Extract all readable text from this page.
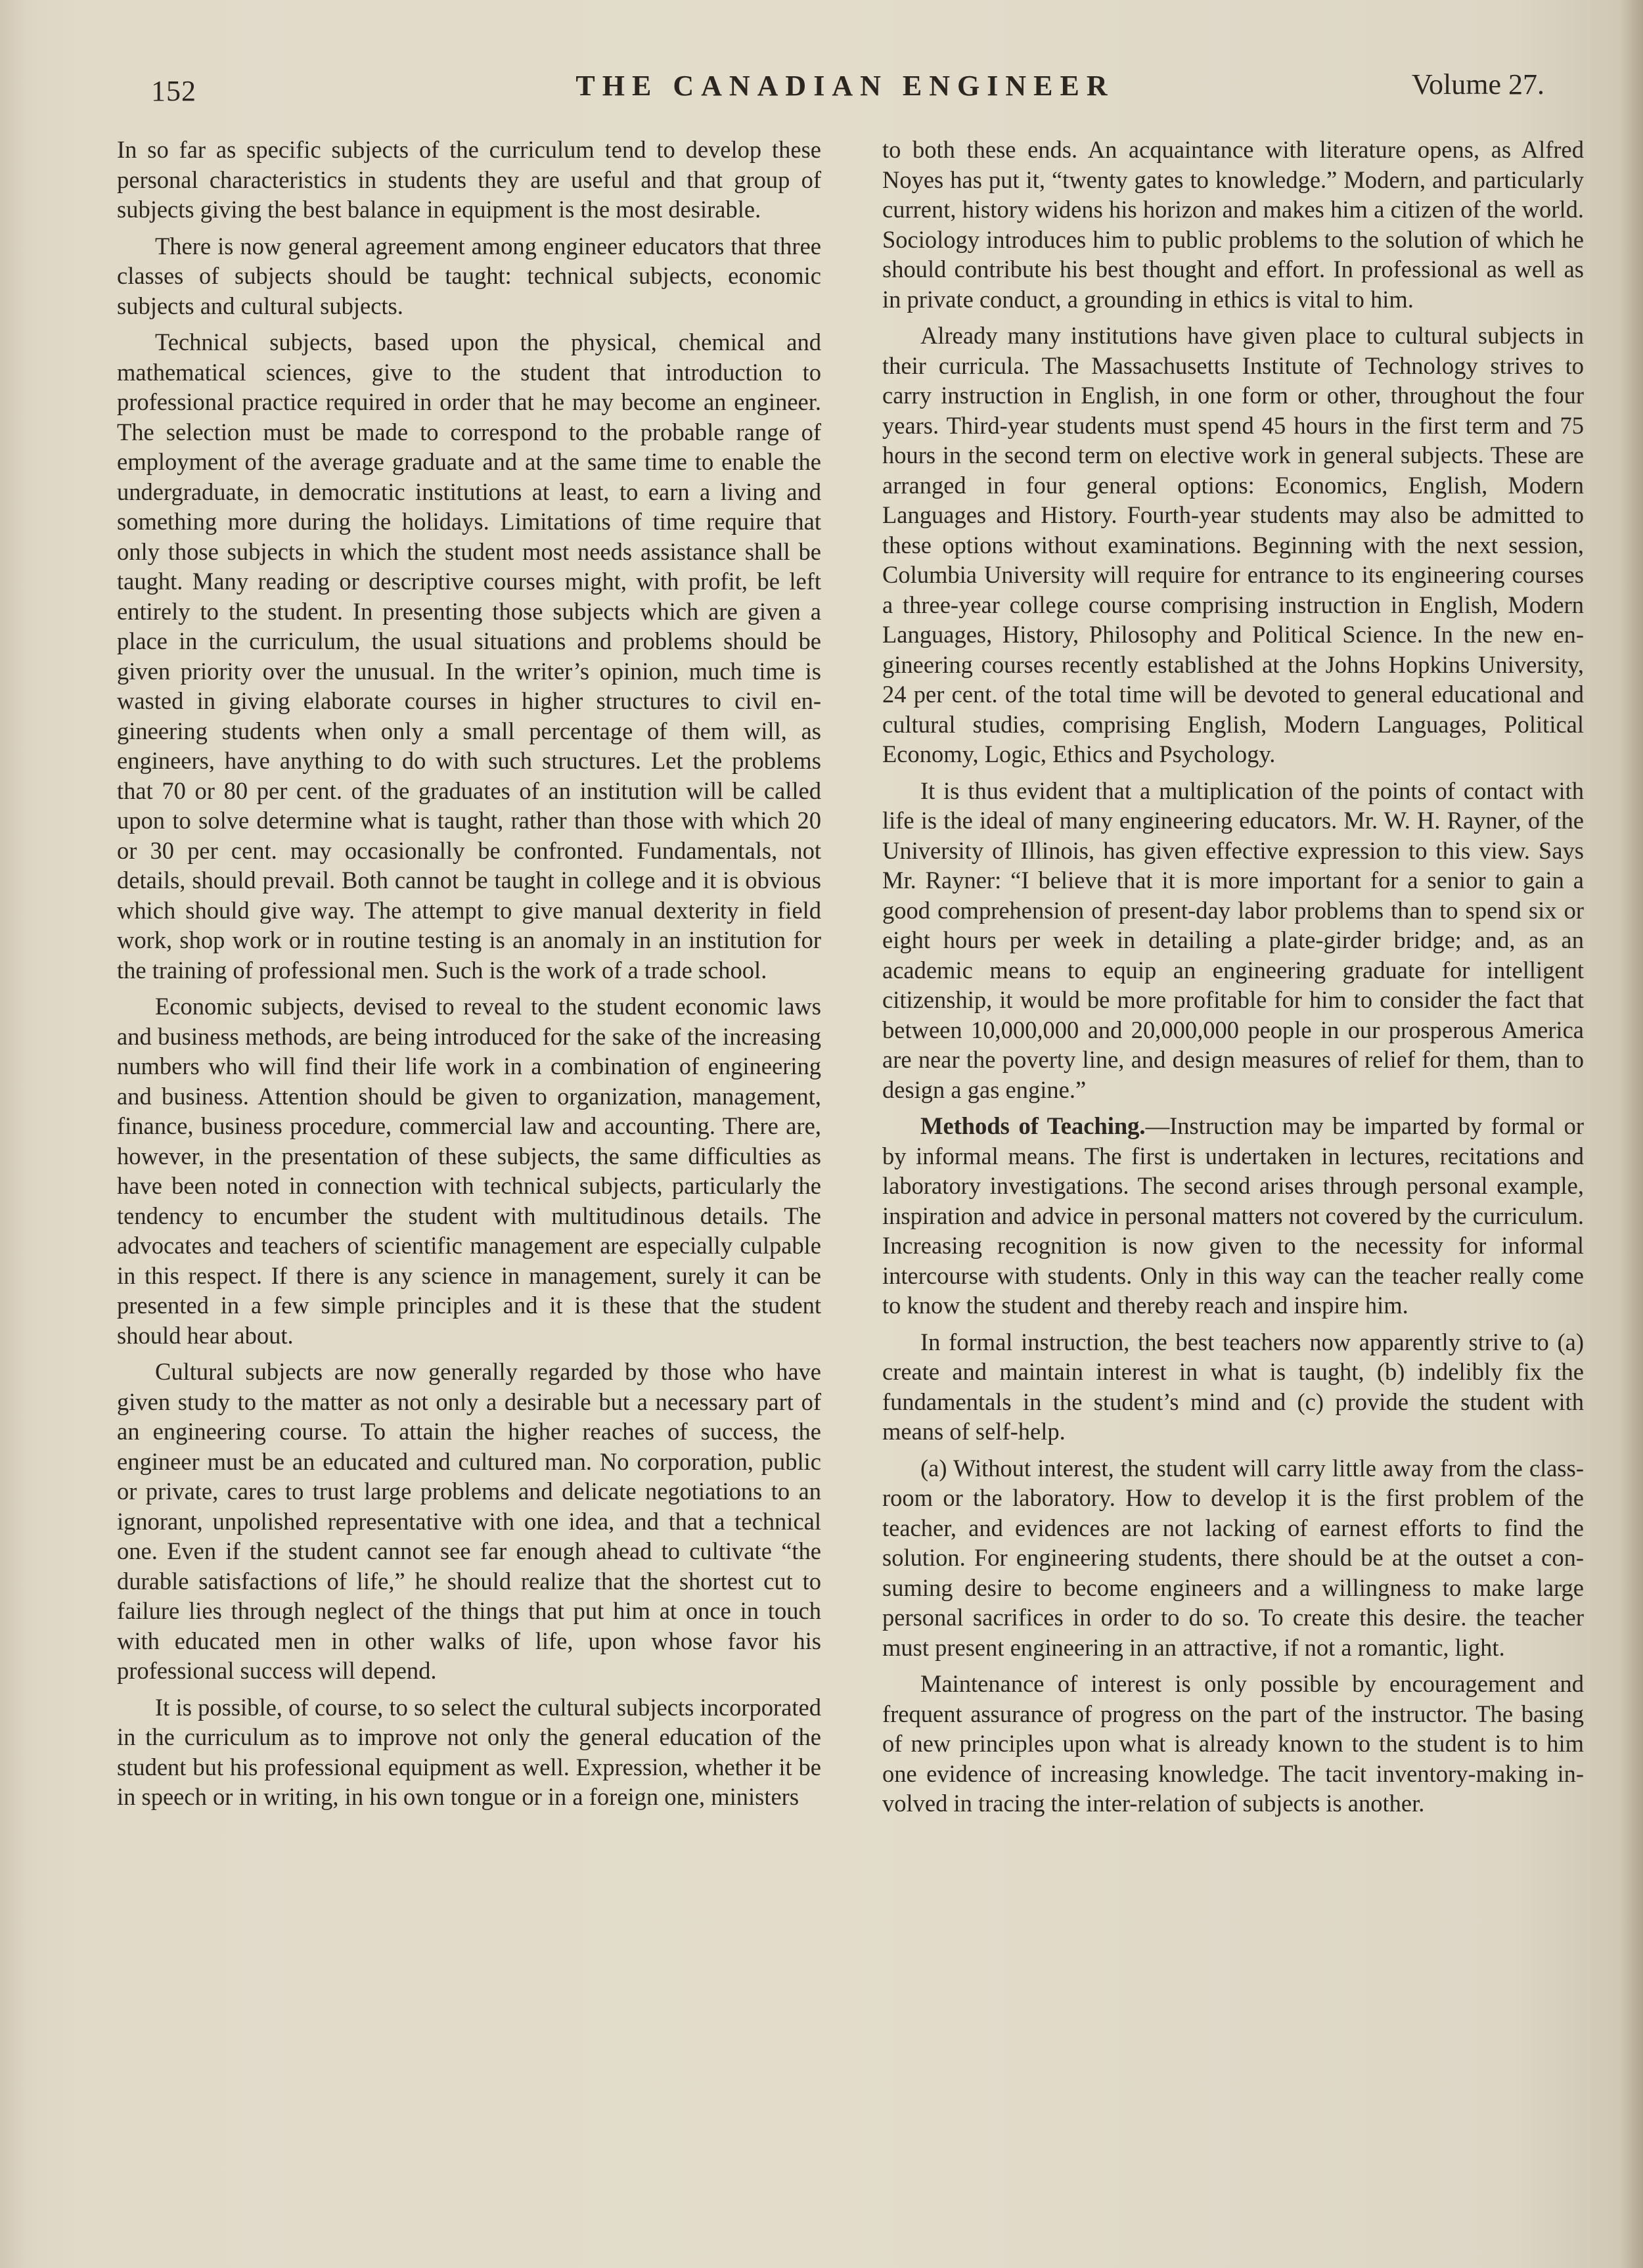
152	THE CANADIAN ENGINEER	Volume 27.

In so far as specific subjects of the curriculum tend to develop these personal characteristics in students they are useful and that group of subjects giving the best balance in equipment is the most desirable.

There is now general agreement among engineer educators that three classes of subjects should be taught: technical subjects, economic subjects and cultural subjects.

Technical subjects, based upon the physical, chemical and mathematical sciences, give to the student that introduction to professional practice required in order that he may become an engineer. The selection must be made to correspond to the probable range of employment of the average graduate and at the same time to enable the undergraduate, in democratic institutions at least, to earn a living and something more during the holidays. Limitations of time require that only those subjects in which the student most needs assistance shall be taught. Many reading or descriptive courses might, with profit, be left entirely to the student. In presenting those subjects which are given a place in the curriculum, the usual situations and problems should be given priority over the unusual. In the writer’s opinion, much time is wasted in giving elaborate courses in higher structures to civil engineering students when only a small percentage of them will, as engineers, have anything to do with such structures. Let the problems that 70 or 80 per cent. of the graduates of an institution will be called upon to solve determine what is taught, rather than those with which 20 or 30 per cent. may occasionally be confronted. Fundamentals, not details, should prevail. Both cannot be taught in college and it is obvious which should give way. The attempt to give manual dexterity in field work, shop work or in routine testing is an anomaly in an institution for the training of professional men. Such is the work of a trade school.

Economic subjects, devised to reveal to the student economic laws and business methods, are being introduced for the sake of the increasing numbers who will find their life work in a combination of engineering and business. Attention should be given to organization, management, finance, business procedure, commercial law and accounting. There are, however, in the presentation of these subjects, the same difficulties as have been noted in connection with technical subjects, particularly the tendency to encumber the student with multitudinous details. The advocates and teachers of scientific management are especially culpable in this respect. If there is any science in management, surely it can be presented in a few simple principles and it is these that the student should hear about.

Cultural subjects are now generally regarded by those who have given study to the matter as not only a desirable but a necessary part of an engineering course. To attain the higher reaches of success, the engineer must be an educated and cultured man. No corporation, public or private, cares to trust large problems and delicate negotiations to an ignorant, unpolished representative with one idea, and that a technical one. Even if the student cannot see far enough ahead to cultivate “the durable satisfactions of life,” he should realize that the shortest cut to failure lies through neglect of the things that put him at once in touch with educated men in other walks of life, upon whose favor his professional success will depend.

It is possible, of course, to so select the cultural subjects incorporated in the curriculum as to improve not only the general education of the student but his professional equipment as well. Expression, whether it be in speech or in writing, in his own tongue or in a foreign one, ministers

to both these ends. An acquaintance with literature opens, as Alfred Noyes has put it, “twenty gates to knowledge.” Modern, and particularly current, history widens his horizon and makes him a citizen of the world. Sociology introduces him to public problems to the solution of which he should contribute his best thought and effort. In professional as well as in private conduct, a grounding in ethics is vital to him.

Already many institutions have given place to cultural subjects in their curricula. The Massachusetts Institute of Technology strives to carry instruction in English, in one form or other, throughout the four years. Third-year students must spend 45 hours in the first term and 75 hours in the second term on elective work in general subjects. These are arranged in four general options: Economics, English, Modern Languages and History. Fourth-year students may also be admitted to these options without examinations. Beginning with the next session, Columbia University will require for entrance to its engineering courses a three-year college course comprising instruction in English, Modern Languages, History, Philosophy and Political Science. In the new engineering courses recently established at the Johns Hopkins University, 24 per cent. of the total time will be devoted to general educational and cultural studies, comprising English, Modern Languages, Political Economy, Logic, Ethics and Psychology.

It is thus evident that a multiplication of the points of contact with life is the ideal of many engineering educators. Mr. W. H. Rayner, of the University of Illinois, has given effective expression to this view. Says Mr. Rayner: “I believe that it is more important for a senior to gain a good comprehension of present-day labor problems than to spend six or eight hours per week in detailing a plate-girder bridge; and, as an academic means to equip an engineering graduate for intelligent citizenship, it would be more profitable for him to consider the fact that between 10,000,000 and 20,000,000 people in our prosperous America are near the poverty line, and design measures of relief for them, than to design a gas engine.”

Methods of Teaching.—Instruction may be imparted by formal or by informal means. The first is undertaken in lectures, recitations and laboratory investigations. The second arises through personal example, inspiration and advice in personal matters not covered by the curriculum. Increasing recognition is now given to the necessity for informal intercourse with students. Only in this way can the teacher really come to know the student and thereby reach and inspire him.

In formal instruction, the best teachers now apparently strive to (a) create and maintain interest in what is taught, (b) indelibly fix the fundamentals in the student’s mind and (c) provide the student with means of self-help.

(a) Without interest, the student will carry little away from the class-room or the laboratory. How to develop it is the first problem of the teacher, and evidences are not lacking of earnest efforts to find the solution. For engineering students, there should be at the outset a consuming desire to become engineers and a willingness to make large personal sacrifices in order to do so. To create this desire. the teacher must present engineering in an attractive, if not a romantic, light.

Maintenance of interest is only possible by encouragement and frequent assurance of progress on the part of the instructor. The basing of new principles upon what is already known to the student is to him one evidence of increasing knowledge. The tacit inventory-making involved in tracing the inter-relation of subjects is another.
